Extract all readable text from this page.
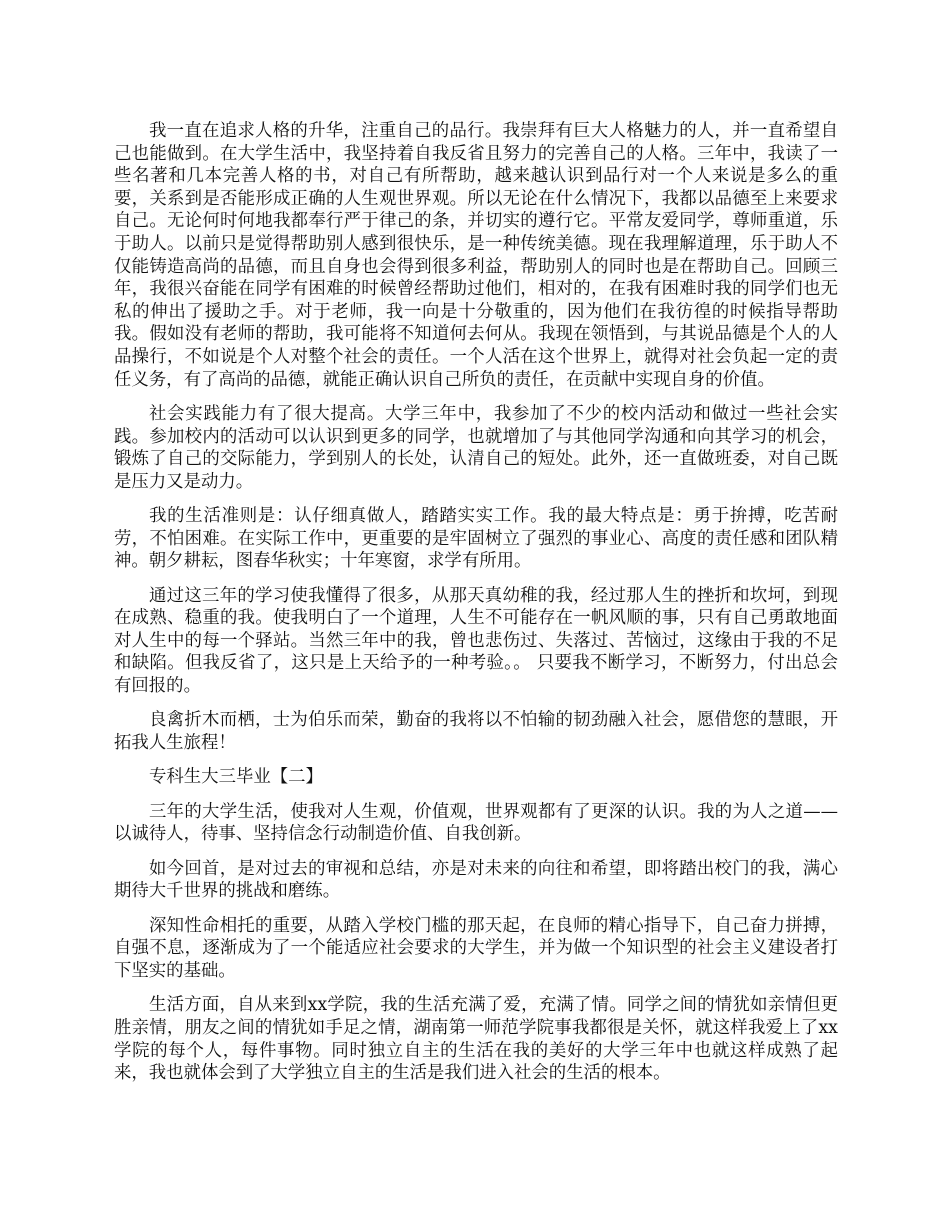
我一直在追求人格的升华，注重自己的品行。我崇拜有巨大人格魅力的人，并一直希望自己也能做到。在大学生活中，我坚持着自我反省且努力的完善自己的人格。三年中，我读了一些名著和几本完善人格的书，对自己有所帮助，越来越认识到品行对一个人来说是多么的重要，关系到是否能形成正确的人生观世界观。所以无论在什么情况下，我都以品德至上来要求自己。无论何时何地我都奉行严于律己的条，并切实的遵行它。平常友爱同学，尊师重道，乐于助人。以前只是觉得帮助别人感到很快乐，是一种传统美德。现在我理解道理，乐于助人不仅能铸造高尚的品德，而且自身也会得到很多利益，帮助别人的同时也是在帮助自己。回顾三年，我很兴奋能在同学有困难的时候曾经帮助过他们，相对的，在我有困难时我的同学们也无私的伸出了援助之手。对于老师，我一向是十分敬重的，因为他们在我彷徨的时候指导帮助我。假如没有老师的帮助，我可能将不知道何去何从。我现在领悟到，与其说品德是个人的人品操行，不如说是个人对整个社会的责任。一个人活在这个世界上，就得对社会负起一定的责任义务，有了高尚的品德，就能正确认识自己所负的责任，在贡献中实现自身的价值。

社会实践能力有了很大提高。大学三年中，我参加了不少的校内活动和做过一些社会实践。参加校内的活动可以认识到更多的同学，也就增加了与其他同学沟通和向其学习的机会，锻炼了自己的交际能力，学到别人的长处，认清自己的短处。此外，还一直做班委，对自己既是压力又是动力。

我的生活准则是：认仔细真做人，踏踏实实工作。我的最大特点是：勇于拚搏，吃苦耐劳，不怕困难。在实际工作中，更重要的是牢固树立了强烈的事业心、高度的责任感和团队精神。朝夕耕耘，图春华秋实；十年寒窗，求学有所用。

通过这三年的学习使我懂得了很多，从那天真幼稚的我，经过那人生的挫折和坎坷，到现在成熟、稳重的我。使我明白了一个道理，人生不可能存在一帆风顺的事，只有自己勇敢地面对人生中的每一个驿站。当然三年中的我，曾也悲伤过、失落过、苦恼过，这缘由于我的不足和缺陷。但我反省了，这只是上天给予的一种考验。。 只要我不断学习，不断努力，付出总会有回报的。

良禽折木而栖，士为伯乐而荣，勤奋的我将以不怕输的韧劲融入社会，愿借您的慧眼，开拓我人生旅程！

专科生大三毕业【二】

三年的大学生活，使我对人生观，价值观，世界观都有了更深的认识。我的为人之道——以诚待人，待事、坚持信念行动制造价值、自我创新。

如今回首，是对过去的审视和总结，亦是对未来的向往和希望，即将踏出校门的我，满心期待大千世界的挑战和磨练。

深知性命相托的重要，从踏入学校门槛的那天起，在良师的精心指导下，自己奋力拼搏，自强不息，逐渐成为了一个能适应社会要求的大学生，并为做一个知识型的社会主义建设者打下坚实的基础。

生活方面，自从来到xx学院，我的生活充满了爱，充满了情。同学之间的情犹如亲情但更胜亲情，朋友之间的情犹如手足之情，湖南第一师范学院事我都很是关怀，就这样我爱上了xx学院的每个人，每件事物。同时独立自主的生活在我的美好的大学三年中也就这样成熟了起来，我也就体会到了大学独立自主的生活是我们进入社会的生活的根本。
